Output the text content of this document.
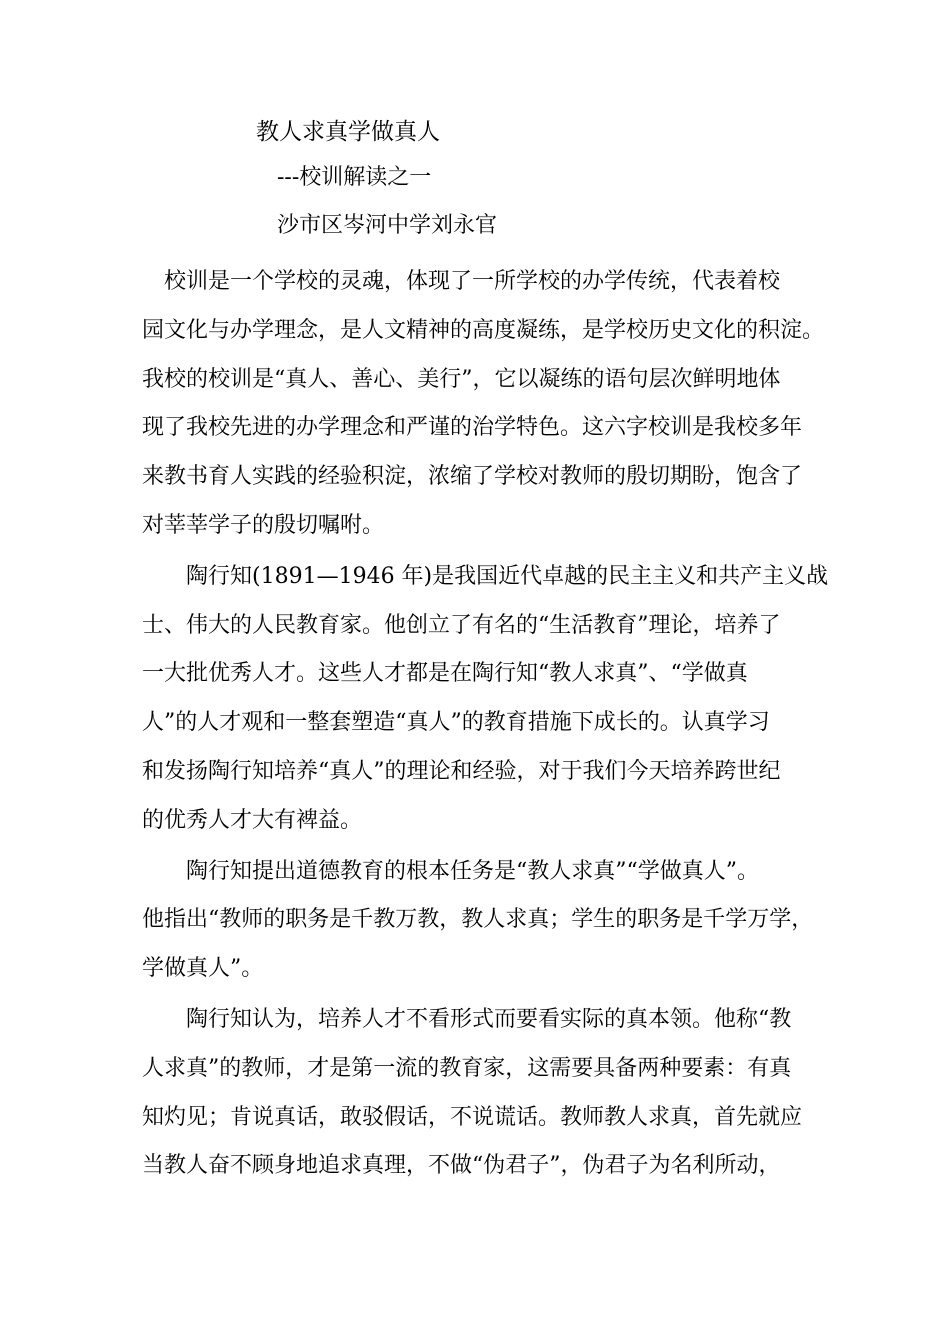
教人求真学做真人
---校训解读之一
沙市区岑河中学刘永官
　校训是一个学校的灵魂，体现了一所学校的办学传统，代表着校
园文化与办学理念，是人文精神的高度凝练，是学校历史文化的积淀。
我校的校训是“真人、善心、美行”，它以凝练的语句层次鲜明地体
现了我校先进的办学理念和严谨的治学特色。这六字校训是我校多年
来教书育人实践的经验积淀，浓缩了学校对教师的殷切期盼，饱含了
对莘莘学子的殷切嘱咐。
　　陶行知(1891—1946 年)是我国近代卓越的民主主义和共产主义战
士、伟大的人民教育家。他创立了有名的“生活教育”理论，培养了
一大批优秀人才。这些人才都是在陶行知“教人求真”、“学做真
人”的人才观和一整套塑造“真人”的教育措施下成长的。认真学习
和发扬陶行知培养“真人”的理论和经验，对于我们今天培养跨世纪
的优秀人才大有裨益。
　　陶行知提出道德教育的根本任务是“教人求真”“学做真人”。
他指出“教师的职务是千教万教，教人求真；学生的职务是千学万学，
学做真人”。
　　陶行知认为，培养人才不看形式而要看实际的真本领。他称“教
人求真”的教师，才是第一流的教育家，这需要具备两种要素：有真
知灼见；肯说真话，敢驳假话，不说谎话。教师教人求真，首先就应
当教人奋不顾身地追求真理，不做“伪君子”，伪君子为名利所动，
